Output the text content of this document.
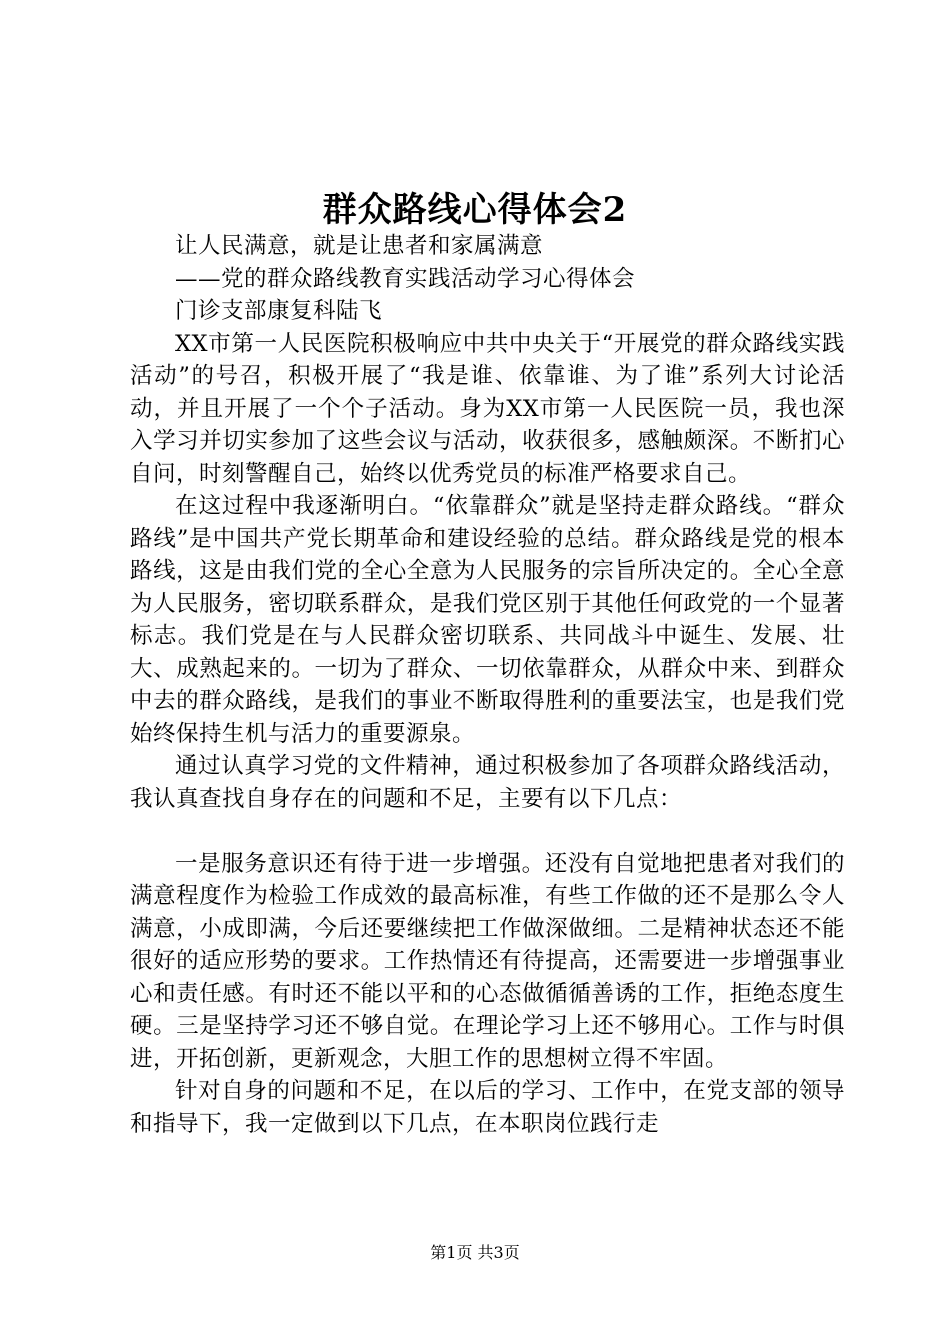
群众路线心得体会2

让人民满意，就是让患者和家属满意

——党的群众路线教育实践活动学习心得体会

门诊支部康复科陆飞

XX市第一人民医院积极响应中共中央关于“开展党的群众路线实践活动”的号召，积极开展了“我是谁、依靠谁、为了谁”系列大讨论活动，并且开展了一个个子活动。身为XX市第一人民医院一员，我也深入学习并切实参加了这些会议与活动，收获很多，感触颇深。不断扪心自问，时刻警醒自己，始终以优秀党员的标准严格要求自己。

在这过程中我逐渐明白。“依靠群众”就是坚持走群众路线。“群众路线”是中国共产党长期革命和建设经验的总结。群众路线是党的根本路线，这是由我们党的全心全意为人民服务的宗旨所决定的。全心全意为人民服务，密切联系群众，是我们党区别于其他任何政党的一个显著标志。我们党是在与人民群众密切联系、共同战斗中诞生、发展、壮大、成熟起来的。一切为了群众、一切依靠群众，从群众中来、到群众中去的群众路线，是我们的事业不断取得胜利的重要法宝，也是我们党始终保持生机与活力的重要源泉。

通过认真学习党的文件精神，通过积极参加了各项群众路线活动，我认真查找自身存在的问题和不足，主要有以下几点：

一是服务意识还有待于进一步增强。还没有自觉地把患者对我们的满意程度作为检验工作成效的最高标准，有些工作做的还不是那么令人满意，小成即满，今后还要继续把工作做深做细。二是精神状态还不能很好的适应形势的要求。工作热情还有待提高，还需要进一步增强事业心和责任感。有时还不能以平和的心态做循循善诱的工作，拒绝态度生硬。三是坚持学习还不够自觉。在理论学习上还不够用心。工作与时俱进，开拓创新，更新观念，大胆工作的思想树立得不牢固。

针对自身的问题和不足，在以后的学习、工作中，在党支部的领导和指导下，我一定做到以下几点，在本职岗位践行走

第1页 共3页
